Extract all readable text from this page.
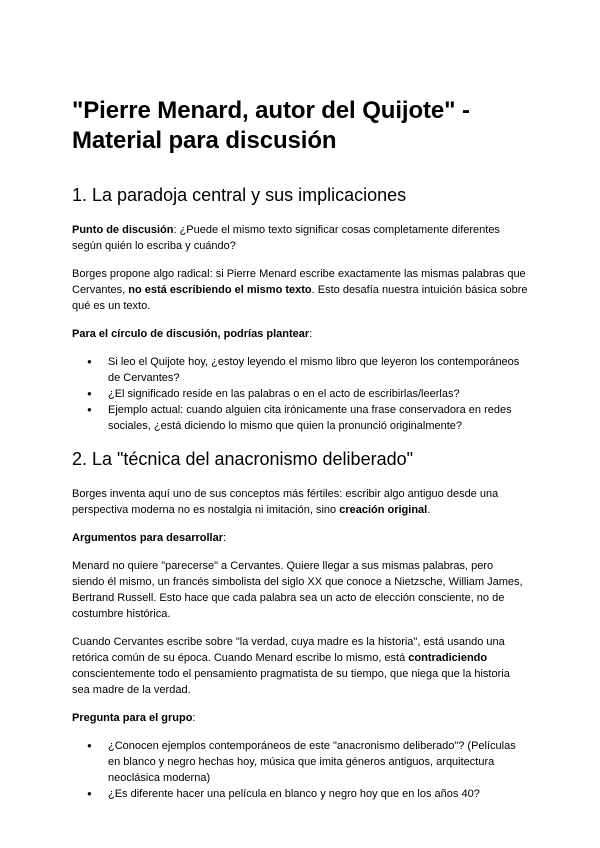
"Pierre Menard, autor del Quijote" - Material para discusión
1. La paradoja central y sus implicaciones

Punto de discusión: ¿Puede el mismo texto significar cosas completamente diferentes según quién lo escriba y cuándo?

Borges propone algo radical: si Pierre Menard escribe exactamente las mismas palabras que Cervantes, no está escribiendo el mismo texto. Esto desafía nuestra intuición básica sobre qué es un texto.

Para el círculo de discusión, podrías plantear:

● Si leo el Quijote hoy, ¿estoy leyendo el mismo libro que leyeron los contemporáneos de Cervantes?
● ¿El significado reside en las palabras o en el acto de escribirlas/leerlas?
● Ejemplo actual: cuando alguien cita irónicamente una frase conservadora en redes sociales, ¿está diciendo lo mismo que quien la pronunció originalmente?
2. La "técnica del anacronismo deliberado"

Borges inventa aquí uno de sus conceptos más fértiles: escribir algo antiguo desde una perspectiva moderna no es nostalgia ni imitación, sino creación original.

Argumentos para desarrollar:

Menard no quiere "parecerse" a Cervantes. Quiere llegar a sus mismas palabras, pero siendo él mismo, un francés simbolista del siglo XX que conoce a Nietzsche, William James, Bertrand Russell. Esto hace que cada palabra sea un acto de elección consciente, no de costumbre histórica.

Cuando Cervantes escribe sobre "la verdad, cuya madre es la historia", está usando una retórica común de su época. Cuando Menard escribe lo mismo, está contradiciendo conscientemente todo el pensamiento pragmatista de su tiempo, que niega que la historia sea madre de la verdad.

Pregunta para el grupo:

● ¿Conocen ejemplos contemporáneos de este "anacronismo deliberado"? (Películas en blanco y negro hechas hoy, música que imita géneros antiguos, arquitectura neoclásica moderna)
● ¿Es diferente hacer una película en blanco y negro hoy que en los años 40?
